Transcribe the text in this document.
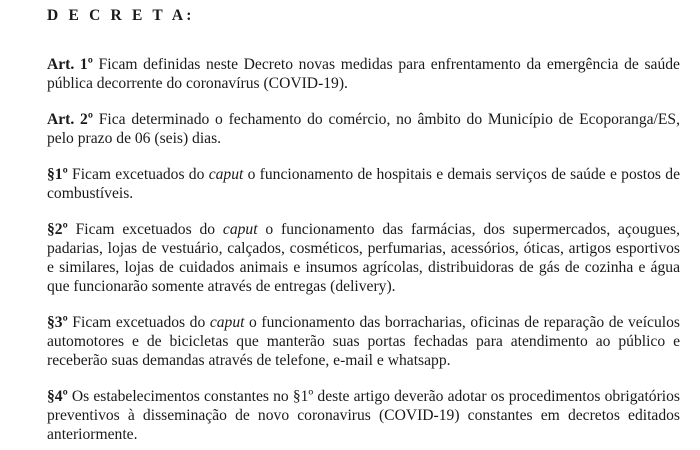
D E C R E T A:

Art. 1º Ficam definidas neste Decreto novas medidas para enfrentamento da emergência de saúde pública decorrente do coronavírus (COVID-19).

Art. 2º Fica determinado o fechamento do comércio, no âmbito do Município de Ecoporanga/ES, pelo prazo de 06 (seis) dias.

§1º Ficam excetuados do caput o funcionamento de hospitais e demais serviços de saúde e postos de combustíveis.

§2º Ficam excetuados do caput o funcionamento das farmácias, dos supermercados, açougues, padarias, lojas de vestuário, calçados, cosméticos, perfumarias, acessórios, óticas, artigos esportivos e similares, lojas de cuidados animais e insumos agrícolas, distribuidoras de gás de cozinha e água que funcionarão somente através de entregas (delivery).

§3º Ficam excetuados do caput o funcionamento das borracharias, oficinas de reparação de veículos automotores e de bicicletas que manterão suas portas fechadas para atendimento ao público e receberão suas demandas através de telefone, e-mail e whatsapp.

§4º Os estabelecimentos constantes no §1º deste artigo deverão adotar os procedimentos obrigatórios preventivos à disseminação de novo coronavirus (COVID-19) constantes em decretos editados anteriormente.
